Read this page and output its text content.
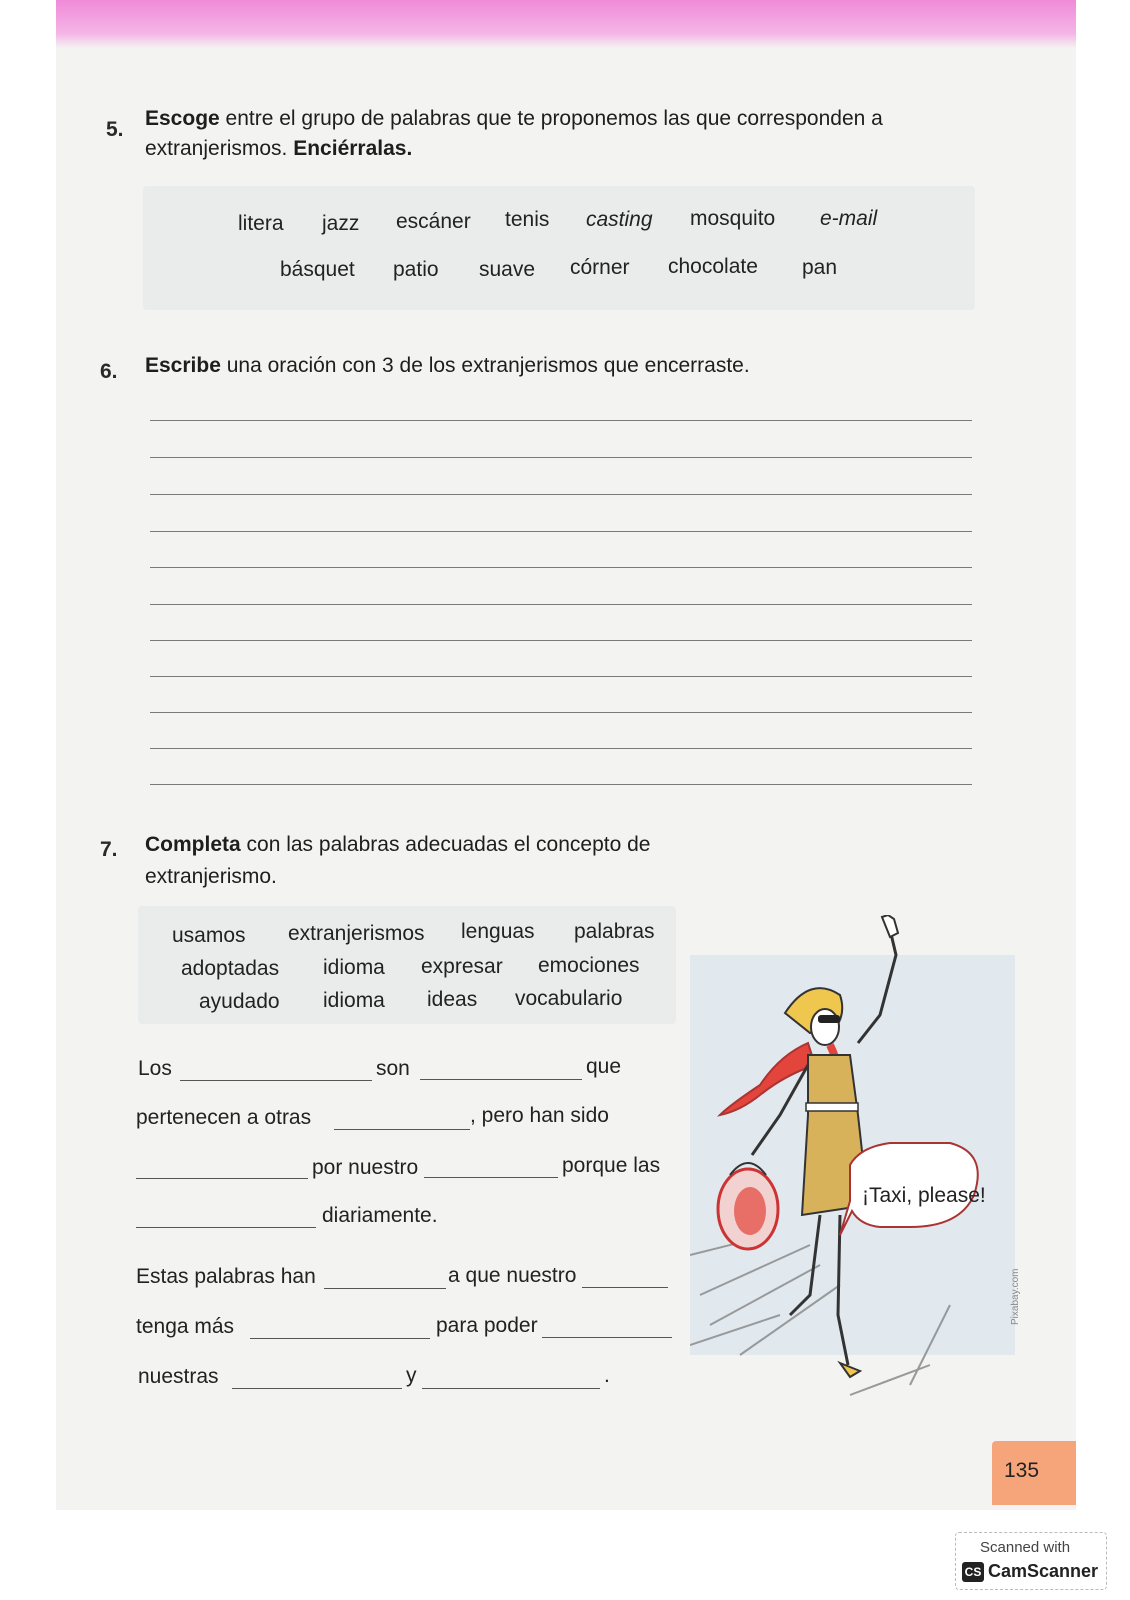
5. Escoge entre el grupo de palabras que te proponemos las que corresponden a
extranjerismos. Enciérralas.
litera jazz escáner tenis casting mosquito e-mail
básquet patio suave córner chocolate pan
6. Escribe una oración con 3 de los extranjerismos que encerraste.
7. Completa con las palabras adecuadas el concepto de
extranjerismo.
usamos extranjerismos lenguas palabras
adoptadas idioma expresar emociones
ayudado idioma ideas vocabulario
Los	son	que
pertenecen a otras	, pero han sido
por nuestro	porque las
diariamente.
Estas palabras han	a que nuestro
tenga más	para poder
nuestras	y	.
¡Taxi, please!
Pixabay.com
135
Scanned with
CS CamScanner
